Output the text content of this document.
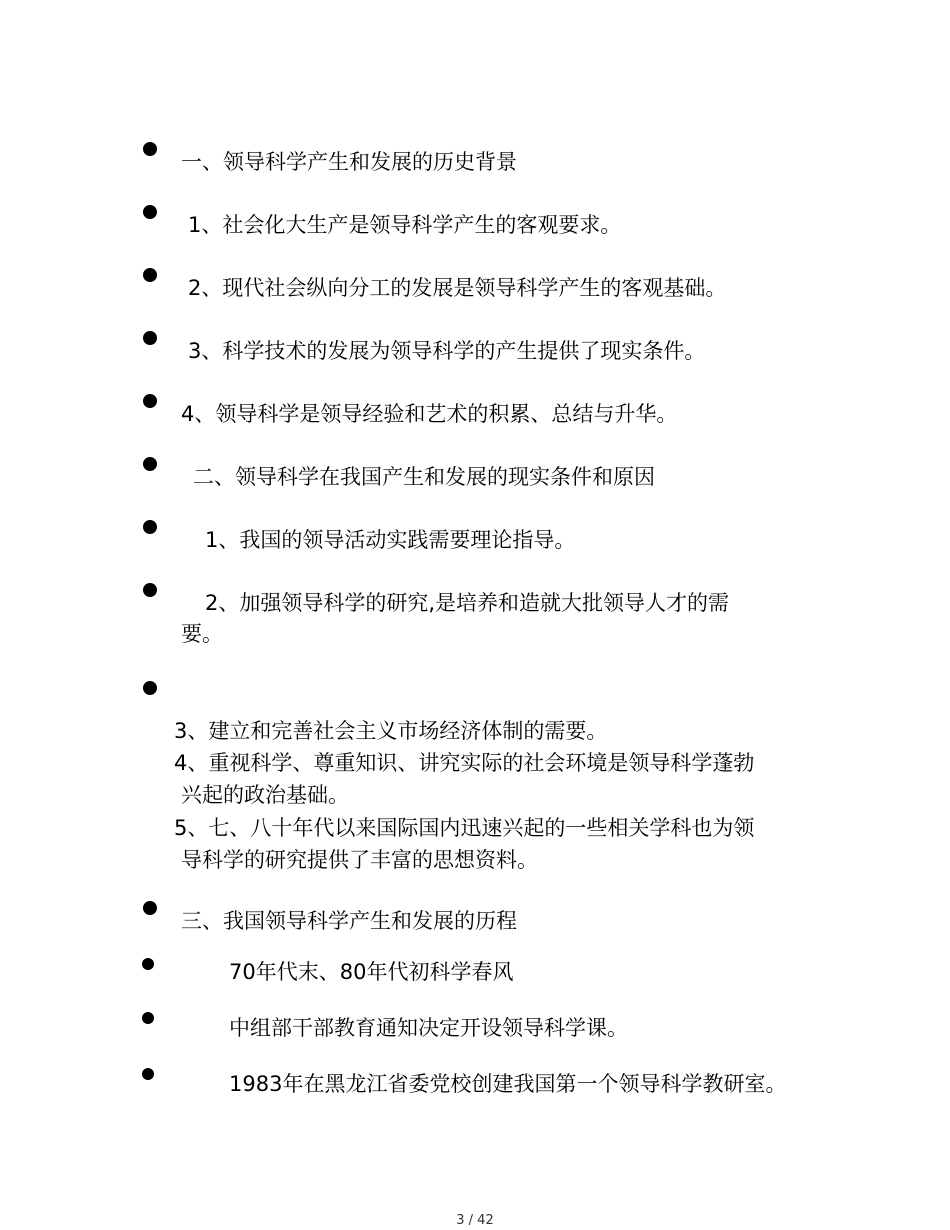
一、领导科学产生和发展的历史背景
1、社会化大生产是领导科学产生的客观要求。
2、现代社会纵向分工的发展是领导科学产生的客观基础。
3、科学技术的发展为领导科学的产生提供了现实条件。
4、领导科学是领导经验和艺术的积累、总结与升华。
二、领导科学在我国产生和发展的现实条件和原因
1、我国的领导活动实践需要理论指导。
2、加强领导科学的研究,是培养和造就大批领导人才的需
要。
3、建立和完善社会主义市场经济体制的需要。
4、重视科学、尊重知识、讲究实际的社会环境是领导科学蓬勃
兴起的政治基础。
5、七、八十年代以来国际国内迅速兴起的一些相关学科也为领
导科学的研究提供了丰富的思想资料。
三、我国领导科学产生和发展的历程
70年代末、80年代初科学春风
中组部干部教育通知决定开设领导科学课。
1983年在黑龙江省委党校创建我国第一个领导科学教研室。
3 / 42
